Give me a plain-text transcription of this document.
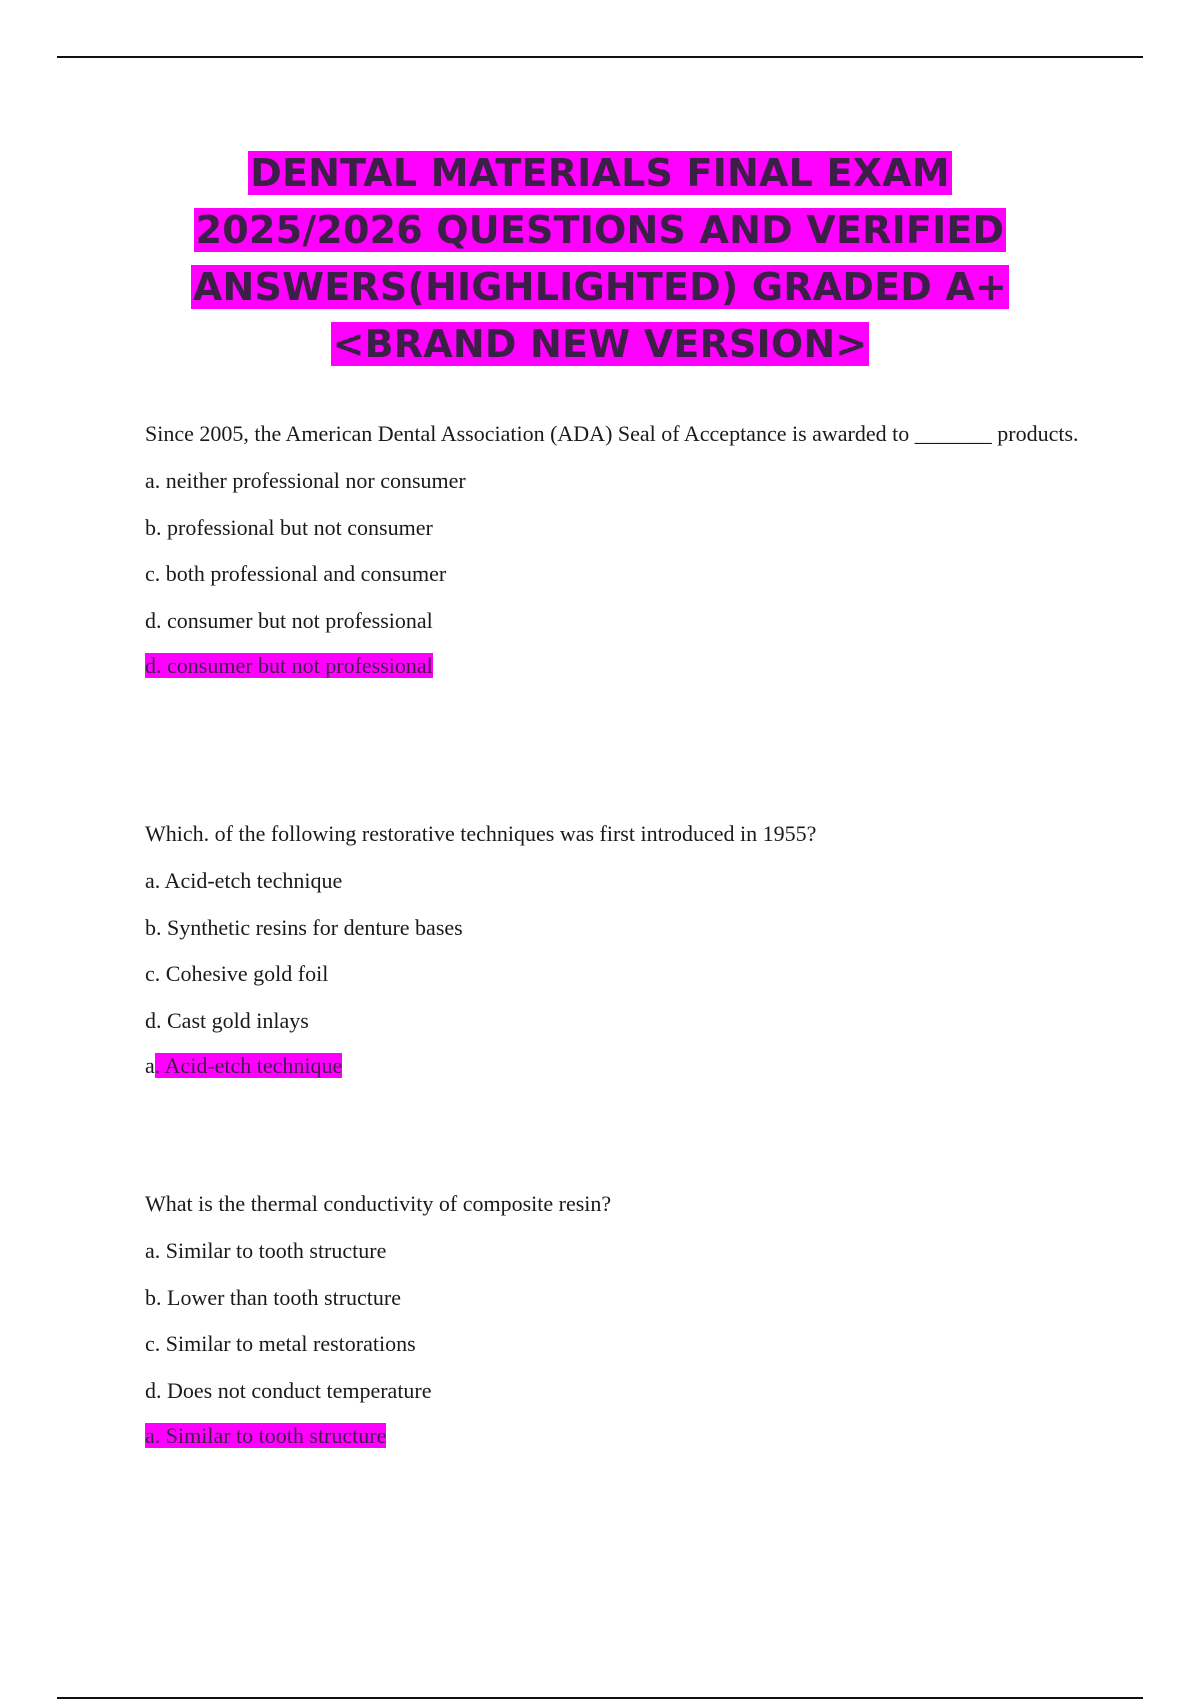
DENTAL MATERIALS FINAL EXAM
2025/2026 QUESTIONS AND VERIFIED
ANSWERS(HIGHLIGHTED) GRADED A+
<BRAND NEW VERSION>

Since 2005, the American Dental Association (ADA) Seal of Acceptance is awarded to _______ products.

a. neither professional nor consumer

b. professional but not consumer

c. both professional and consumer

d. consumer but not professional

d. consumer but not professional

Which. of the following restorative techniques was first introduced in 1955?

a. Acid-etch technique

b. Synthetic resins for denture bases

c. Cohesive gold foil

d. Cast gold inlays

a. Acid-etch technique

What is the thermal conductivity of composite resin?

a. Similar to tooth structure

b. Lower than tooth structure

c. Similar to metal restorations

d. Does not conduct temperature

a. Similar to tooth structure
